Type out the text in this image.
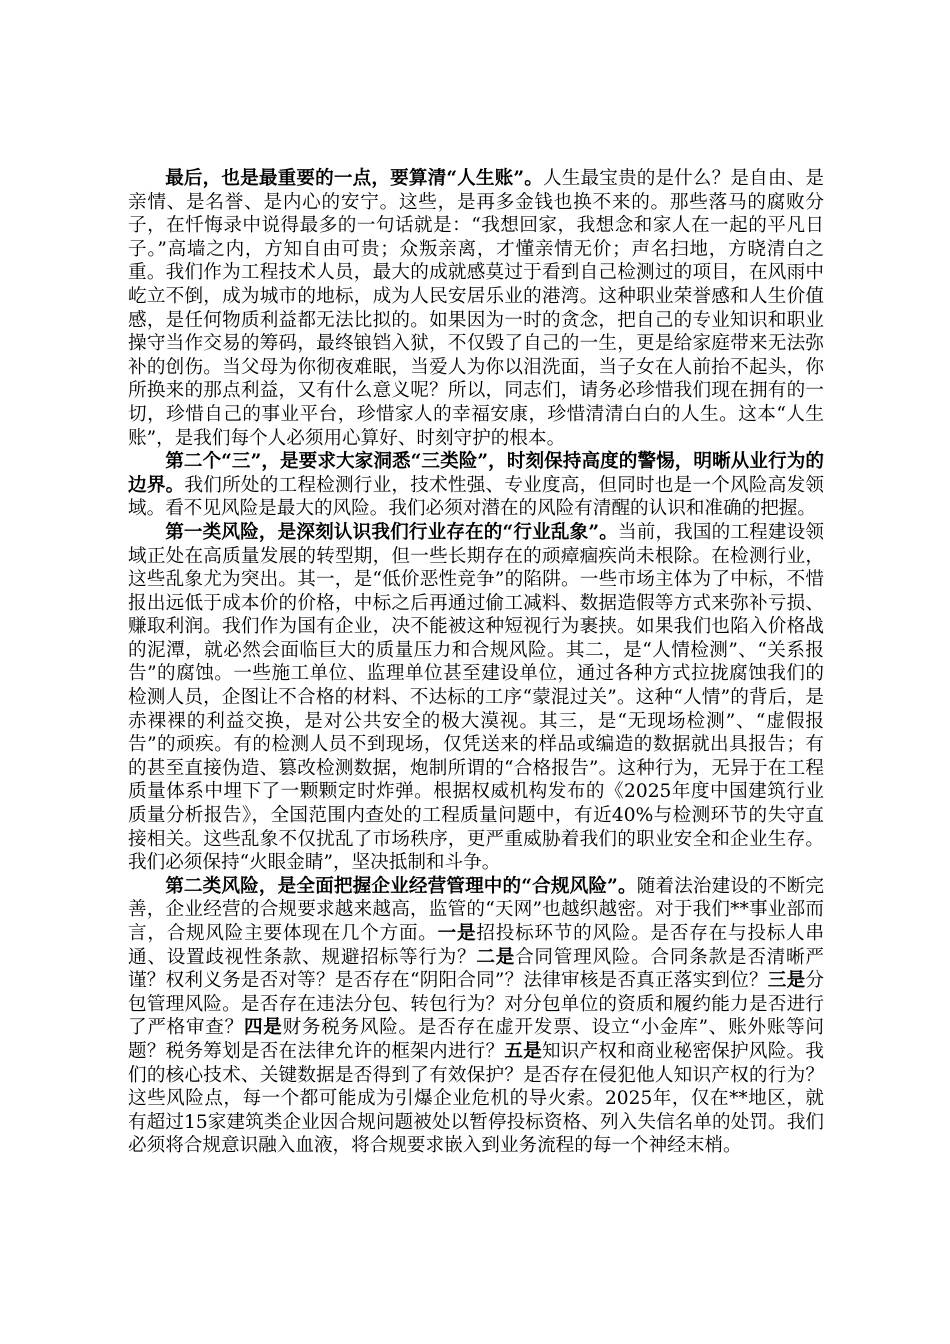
最后，也是最重要的一点，要算清“人生账”。人生最宝贵的是什么？是自由、是亲情、是名誉、是内心的安宁。这些，是再多金钱也换不来的。那些落马的腐败分子，在忏悔录中说得最多的一句话就是：“我想回家，我想念和家人在一起的平凡日子。”高墙之内，方知自由可贵；众叛亲离，才懂亲情无价；声名扫地，方晓清白之重。我们作为工程技术人员，最大的成就感莫过于看到自己检测过的项目，在风雨中屹立不倒，成为城市的地标，成为人民安居乐业的港湾。这种职业荣誉感和人生价值感，是任何物质利益都无法比拟的。如果因为一时的贪念，把自己的专业知识和职业操守当作交易的筹码，最终锒铛入狱，不仅毁了自己的一生，更是给家庭带来无法弥补的创伤。当父母为你彻夜难眠，当爱人为你以泪洗面，当子女在人前抬不起头，你所换来的那点利益，又有什么意义呢？所以，同志们，请务必珍惜我们现在拥有的一切，珍惜自己的事业平台，珍惜家人的幸福安康，珍惜清清白白的人生。这本“人生账”，是我们每个人必须用心算好、时刻守护的根本。

第二个“三”，是要求大家洞悉“三类险”，时刻保持高度的警惕，明晰从业行为的边界。我们所处的工程检测行业，技术性强、专业度高，但同时也是一个风险高发领域。看不见风险是最大的风险。我们必须对潜在的风险有清醒的认识和准确的把握。

第一类风险，是深刻认识我们行业存在的“行业乱象”。当前，我国的工程建设领域正处在高质量发展的转型期，但一些长期存在的顽瘴痼疾尚未根除。在检测行业，这些乱象尤为突出。其一，是“低价恶性竞争”的陷阱。一些市场主体为了中标，不惜报出远低于成本价的价格，中标之后再通过偷工减料、数据造假等方式来弥补亏损、赚取利润。我们作为国有企业，决不能被这种短视行为裹挟。如果我们也陷入价格战的泥潭，就必然会面临巨大的质量压力和合规风险。其二，是“人情检测”、“关系报告”的腐蚀。一些施工单位、监理单位甚至建设单位，通过各种方式拉拢腐蚀我们的检测人员，企图让不合格的材料、不达标的工序“蒙混过关”。这种“人情”的背后，是赤裸裸的利益交换，是对公共安全的极大漠视。其三，是“无现场检测”、“虚假报告”的顽疾。有的检测人员不到现场，仅凭送来的样品或编造的数据就出具报告；有的甚至直接伪造、篡改检测数据，炮制所谓的“合格报告”。这种行为，无异于在工程质量体系中埋下了一颗颗定时炸弹。根据权威机构发布的《2025年度中国建筑行业质量分析报告》，全国范围内查处的工程质量问题中，有近40%与检测环节的失守直接相关。这些乱象不仅扰乱了市场秩序，更严重威胁着我们的职业安全和企业生存。我们必须保持“火眼金睛”，坚决抵制和斗争。

第二类风险，是全面把握企业经营管理中的“合规风险”。随着法治建设的不断完善，企业经营的合规要求越来越高，监管的“天网”也越织越密。对于我们**事业部而言，合规风险主要体现在几个方面。一是招投标环节的风险。是否存在与投标人串通、设置歧视性条款、规避招标等行为？二是合同管理风险。合同条款是否清晰严谨？权利义务是否对等？是否存在“阴阳合同”？法律审核是否真正落实到位？三是分包管理风险。是否存在违法分包、转包行为？对分包单位的资质和履约能力是否进行了严格审查？四是财务税务风险。是否存在虚开发票、设立“小金库”、账外账等问题？税务筹划是否在法律允许的框架内进行？五是知识产权和商业秘密保护风险。我们的核心技术、关键数据是否得到了有效保护？是否存在侵犯他人知识产权的行为？这些风险点，每一个都可能成为引爆企业危机的导火索。2025年，仅在**地区，就有超过15家建筑类企业因合规问题被处以暂停投标资格、列入失信名单的处罚。我们必须将合规意识融入血液，将合规要求嵌入到业务流程的每一个神经末梢。
